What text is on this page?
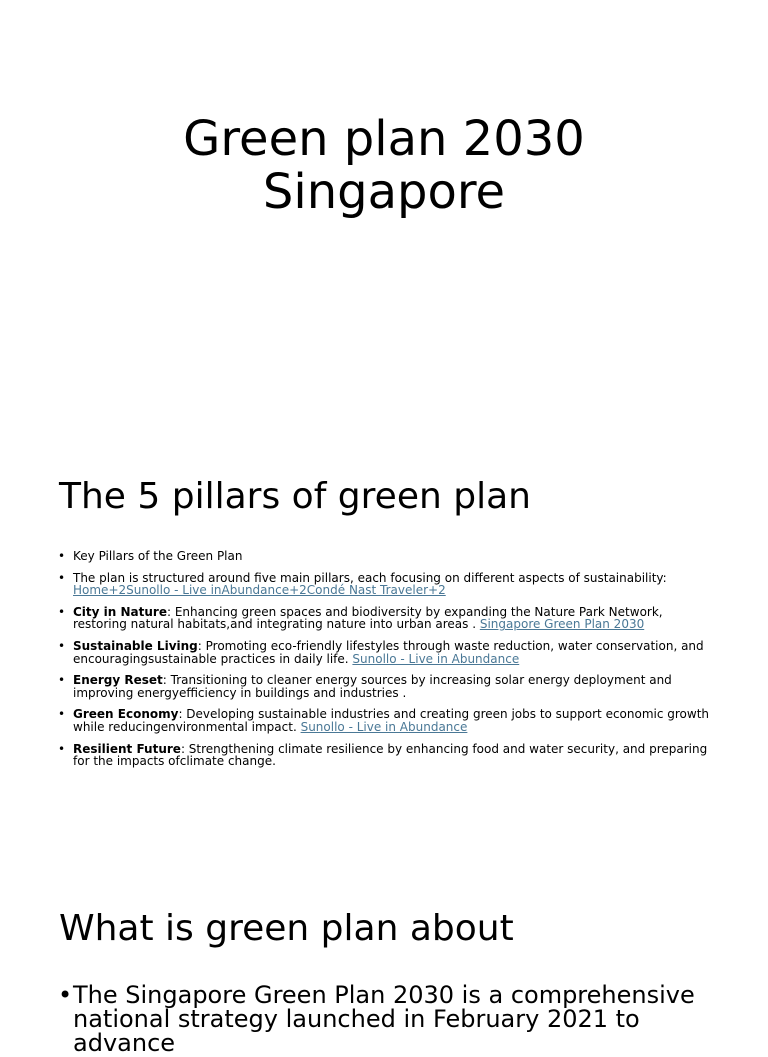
Green plan 2030
Singapore
The 5 pillars of green plan
• Key Pillars of the Green Plan
• The plan is structured around five main pillars, each focusing on different aspects of sustainability:
Home+2Sunollo - Live inAbundance+2Condé Nast Traveler+2
• City in Nature: Enhancing green spaces and biodiversity by expanding the Nature Park Network, restoring natural habitats,and integrating nature into urban areas . Singapore Green Plan 2030
• Sustainable Living: Promoting eco-friendly lifestyles through waste reduction, water conservation, and encouragingsustainable practices in daily life. Sunollo - Live in Abundance
• Energy Reset: Transitioning to cleaner energy sources by increasing solar energy deployment and improving energyefficiency in buildings and industries .
• Green Economy: Developing sustainable industries and creating green jobs to support economic growth while reducingenvironmental impact. Sunollo - Live in Abundance
• Resilient Future: Strengthening climate resilience by enhancing food and water security, and preparing for the impacts ofclimate change.
What is green plan about
• The Singapore Green Plan 2030 is a comprehensive national strategy launched in February 2021 to advance
